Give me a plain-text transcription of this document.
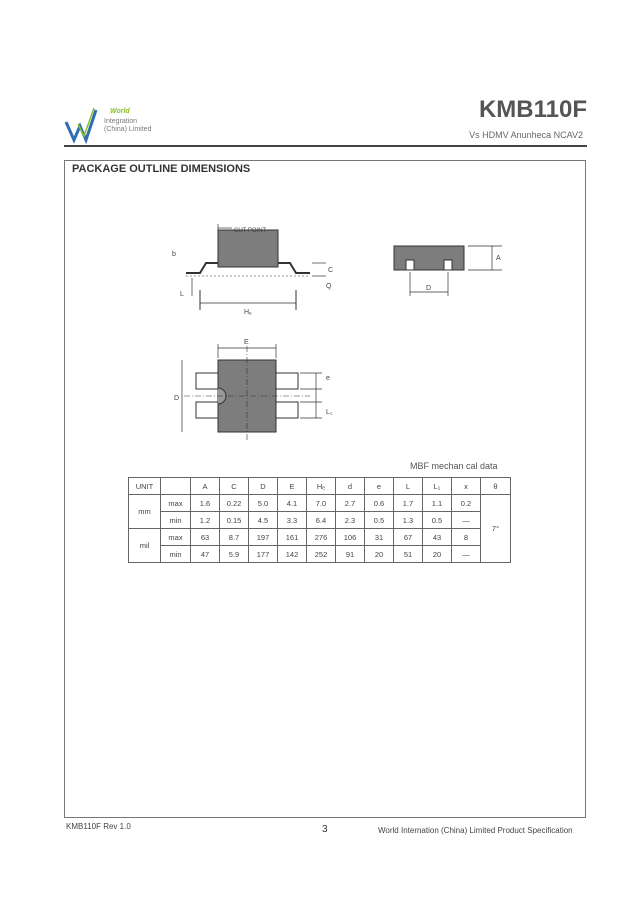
World
Integration
(China) Limited
KMB110F
Vs HDMV Anunheca NCAV2
PACKAGE OUTLINE DIMENSIONS
CUT POINT
b
L
Hₑ
C
Q	D
A
E
D
e
L₁
MBF mechan cal data
UNIT		A	C	D	E	Hₑ	d	e	L	L₁	x	θ
mm	max	1.6	0.22	5.0	4.1	7.0	2.7	0.6	1.7	1.1	0.2	7°
	min	1.2	0.15	4.5	3.3	6.4	2.3	0.5	1.3	0.5	—	
mil	max	63	8.7	197	161	276	106	31	67	43	8	
	min	47	5.9	177	142	252	91	20	51	20	—	
KMB110F Rev 1.0	3	World Internation (China) Limited Product Specification
